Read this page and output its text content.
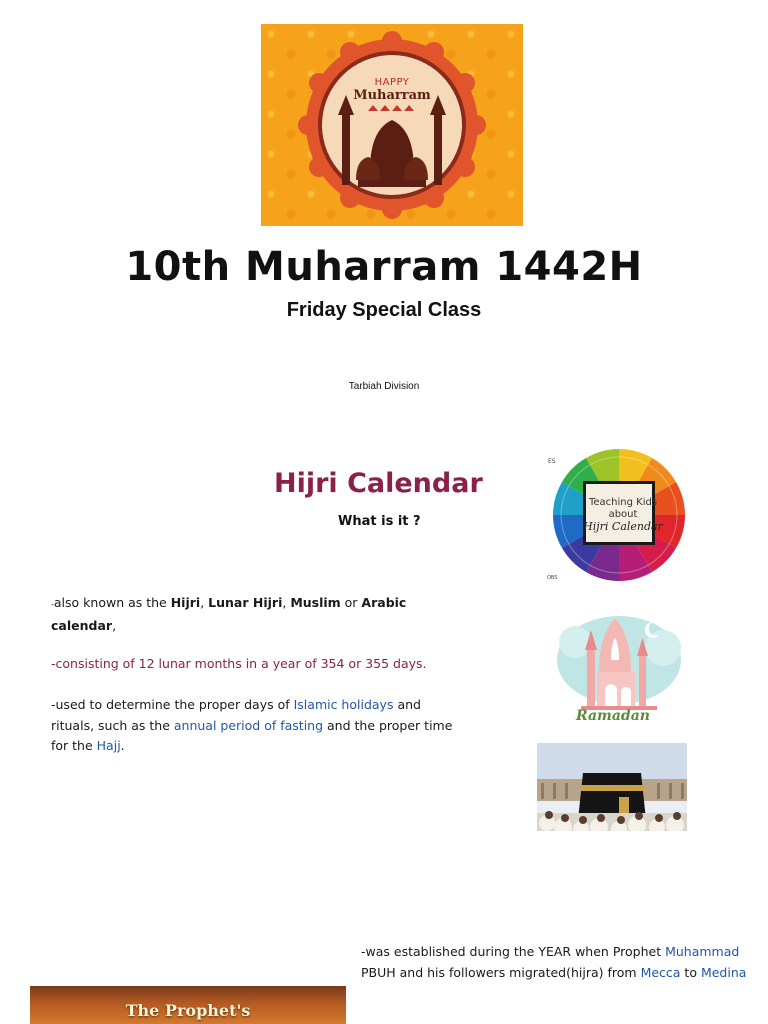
HAPPY
Muharram
10th Muharram 1442H
Friday Special Class
Tarbiah Division
Hijri Calendar
What is it ?
-also known as the Hijri, Lunar Hijri, Muslim or Arabic calendar,
-consisting of 12 lunar months in a year of 354 or 355 days.
-used to determine the proper days of Islamic holidays and rituals, such as the annual period of fasting and the proper time for the Hajj.
-was established during the YEAR when Prophet Muhammad PBUH and his followers migrated(hijra) from Mecca to Medina
ES
OBS
Teaching Kids
about
Hijri Calendar
Ramadan
The Prophet's
